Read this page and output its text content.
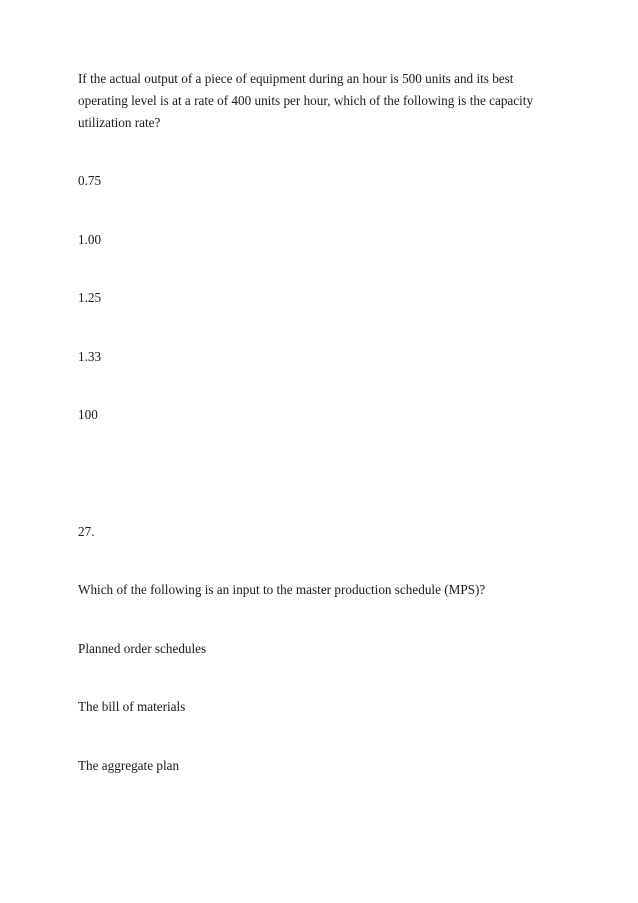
If the actual output of a piece of equipment during an hour is 500 units and its best operating level is at a rate of 400 units per hour, which of the following is the capacity utilization rate?

0.75
1.00
1.25
1.33
100
27.

Which of the following is an input to the master production schedule (MPS)?

Planned order schedules
The bill of materials
The aggregate plan
